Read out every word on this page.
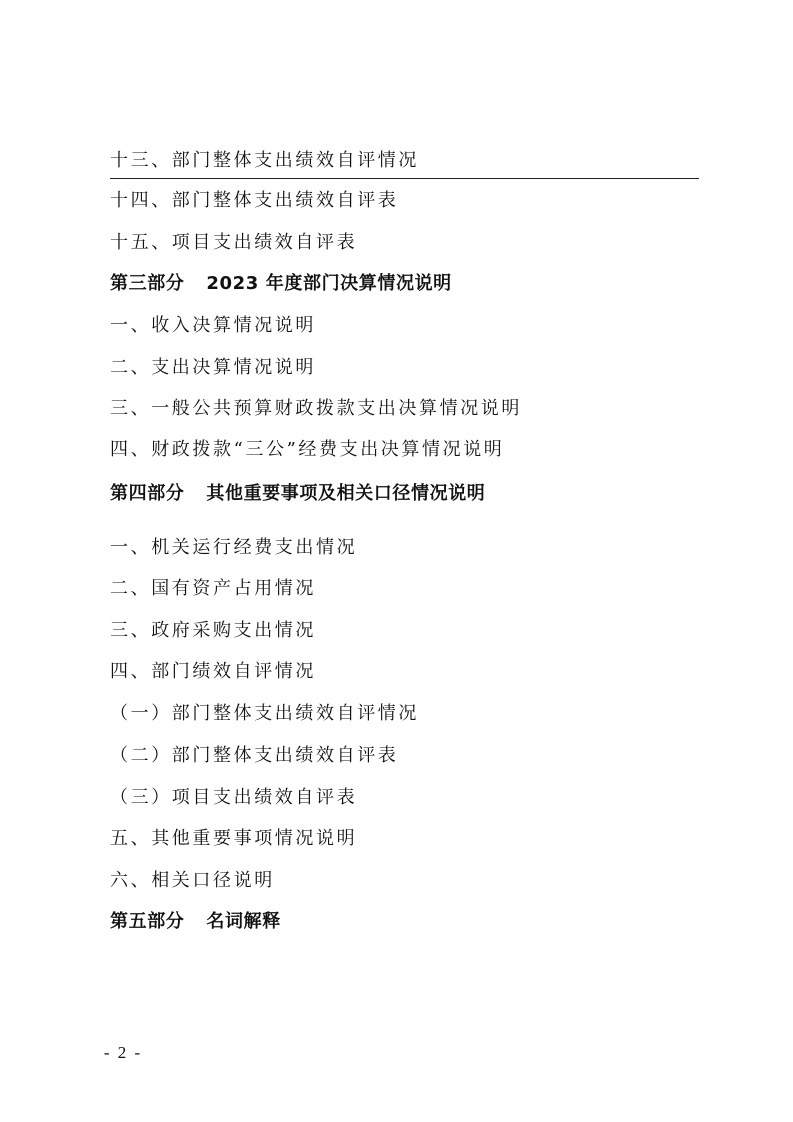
十三、部门整体支出绩效自评情况
十四、部门整体支出绩效自评表
十五、项目支出绩效自评表
第三部分 2023 年度部门决算情况说明
一、收入决算情况说明
二、支出决算情况说明
三、一般公共预算财政拨款支出决算情况说明
四、财政拨款“三公”经费支出决算情况说明
第四部分 其他重要事项及相关口径情况说明
一、机关运行经费支出情况
二、国有资产占用情况
三、政府采购支出情况
四、部门绩效自评情况
（一）部门整体支出绩效自评情况
（二）部门整体支出绩效自评表
（三）项目支出绩效自评表
五、其他重要事项情况说明
六、相关口径说明
第五部分 名词解释
- 2 -
